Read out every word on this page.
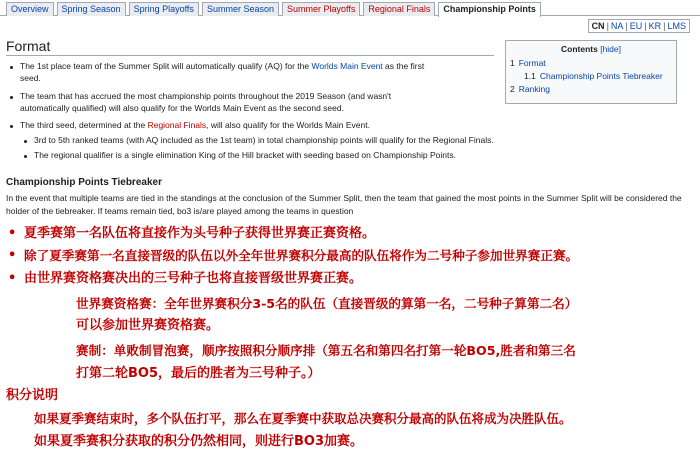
Overview	Spring Season	Spring Playoffs	Summer Season	Summer Playoffs	Regional Finals	Championship Points
CN | NA | EU | KR | LMS
Format	Contents [hide]
1 Format
1.1 Championship Points Tiebreaker
2 Ranking
The 1st place team of the Summer Split will automatically qualify (AQ) for the Worlds Main Event as the first
seed.
The team that has accrued the most championship points throughout the 2019 Season (and wasn't
automatically qualified) will also qualify for the Worlds Main Event as the second seed.
The third seed, determined at the Regional Finals, will also qualify for the Worlds Main Event.
3rd to 5th ranked teams (with AQ included as the 1st team) in total championship points will qualify for the Regional Finals.
The regional qualifier is a single elimination King of the Hill bracket with seeding based on Championship Points.
Championship Points Tiebreaker
In the event that multiple teams are tied in the standings at the conclusion of the Summer Split, then the team that gained the most points in the Summer Split will be considered the holder of the tiebreaker. If teams remain tied, bo3 is/are played among the teams in question
• 夏季赛第一名队伍将直接作为头号种子获得世界赛正赛资格。
• 除了夏季赛第一名直接晋级的队伍以外全年世界赛积分最高的队伍将作为二号种子参加世界赛正赛。
• 由世界赛资格赛决出的三号种子也将直接晋级世界赛正赛。
世界赛资格赛：全年世界赛积分3-5名的队伍（直接晋级的算第一名，二号种子算第二名）
可以参加世界赛资格赛。
赛制：单败制冒泡赛，顺序按照积分顺序排（第五名和第四名打第一轮BO5,胜者和第三名
打第二轮BO5，最后的胜者为三号种子。）
积分说明
如果夏季赛结束时，多个队伍打平，那么在夏季赛中获取总决赛积分最高的队伍将成为决胜队伍。
如果夏季赛积分获取的积分仍然相同，则进行BO3加赛。
